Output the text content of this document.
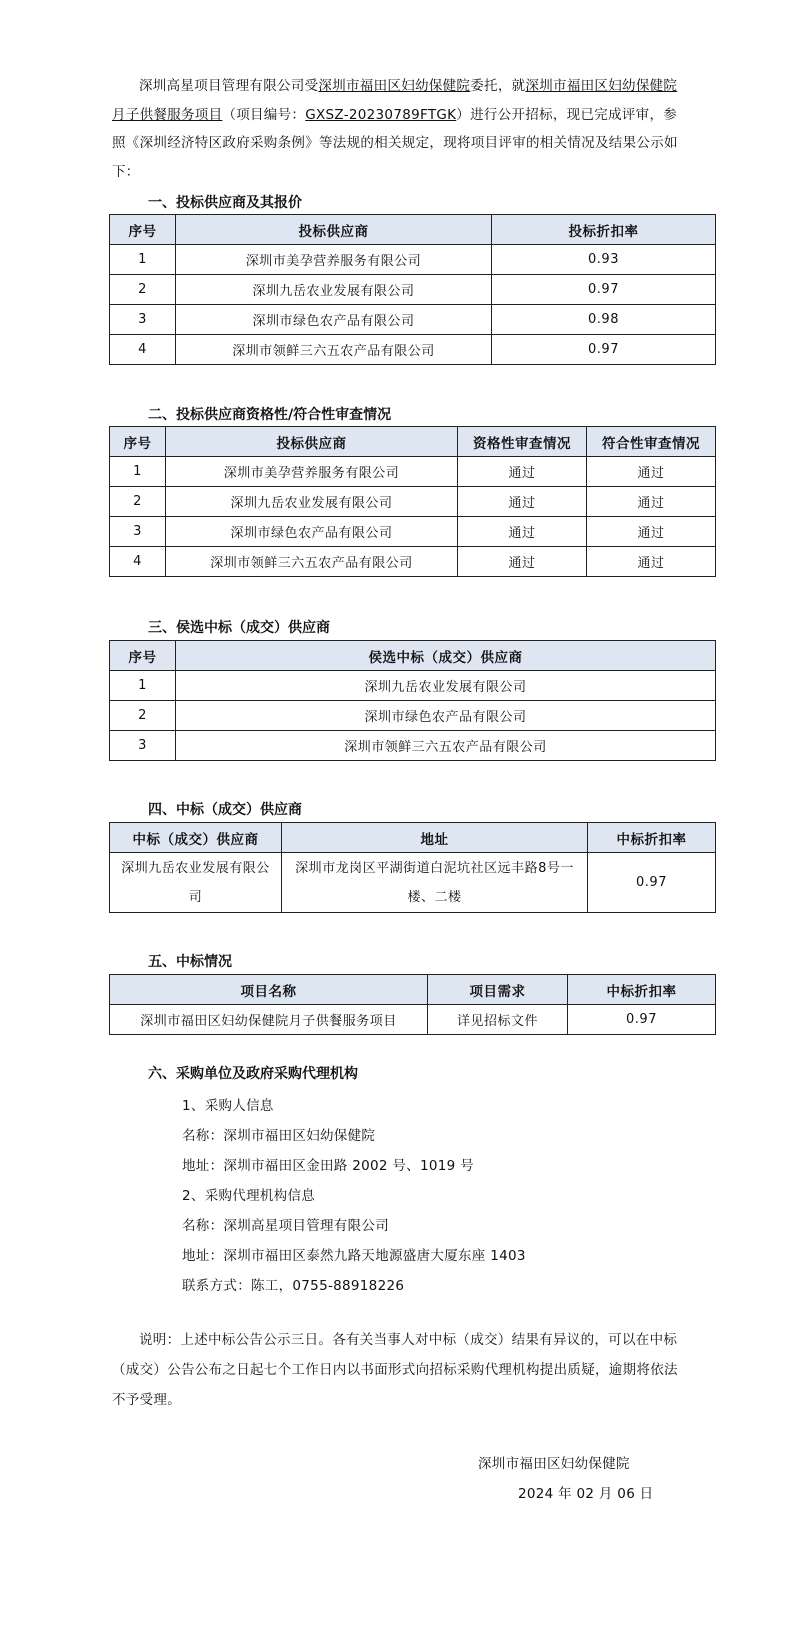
深圳高星项目管理有限公司受深圳市福田区妇幼保健院委托，就深圳市福田区妇幼保健院月子供餐服务项目（项目编号：GXSZ-20230789FTGK）进行公开招标，现已完成评审，参照《深圳经济特区政府采购条例》等法规的相关规定，现将项目评审的相关情况及结果公示如下：
一、投标供应商及其报价
序号	投标供应商	投标折扣率
1	深圳市美孕营养服务有限公司	0.93
2	深圳九岳农业发展有限公司	0.97
3	深圳市绿色农产品有限公司	0.98
4	深圳市领鲜三六五农产品有限公司	0.97
二、投标供应商资格性/符合性审查情况
序号	投标供应商	资格性审查情况	符合性审查情况
1	深圳市美孕营养服务有限公司	通过	通过
2	深圳九岳农业发展有限公司	通过	通过
3	深圳市绿色农产品有限公司	通过	通过
4	深圳市领鲜三六五农产品有限公司	通过	通过
三、侯选中标（成交）供应商
序号	侯选中标（成交）供应商
1	深圳九岳农业发展有限公司
2	深圳市绿色农产品有限公司
3	深圳市领鲜三六五农产品有限公司
四、中标（成交）供应商
中标（成交）供应商	地址	中标折扣率
深圳九岳农业发展有限公司	深圳市龙岗区平湖街道白泥坑社区远丰路8号一楼、二楼	0.97
五、中标情况
项目名称	项目需求	中标折扣率
深圳市福田区妇幼保健院月子供餐服务项目	详见招标文件	0.97
六、采购单位及政府采购代理机构
1、采购人信息
名称：深圳市福田区妇幼保健院
地址：深圳市福田区金田路 2002 号、1019 号
2、采购代理机构信息
名称：深圳高星项目管理有限公司
地址：深圳市福田区泰然九路天地源盛唐大厦东座 1403
联系方式：陈工，0755-88918226
说明：上述中标公告公示三日。各有关当事人对中标（成交）结果有异议的，可以在中标（成交）公告公布之日起七个工作日内以书面形式向招标采购代理机构提出质疑，逾期将依法不予受理。
深圳市福田区妇幼保健院
2024 年 02 月 06 日
